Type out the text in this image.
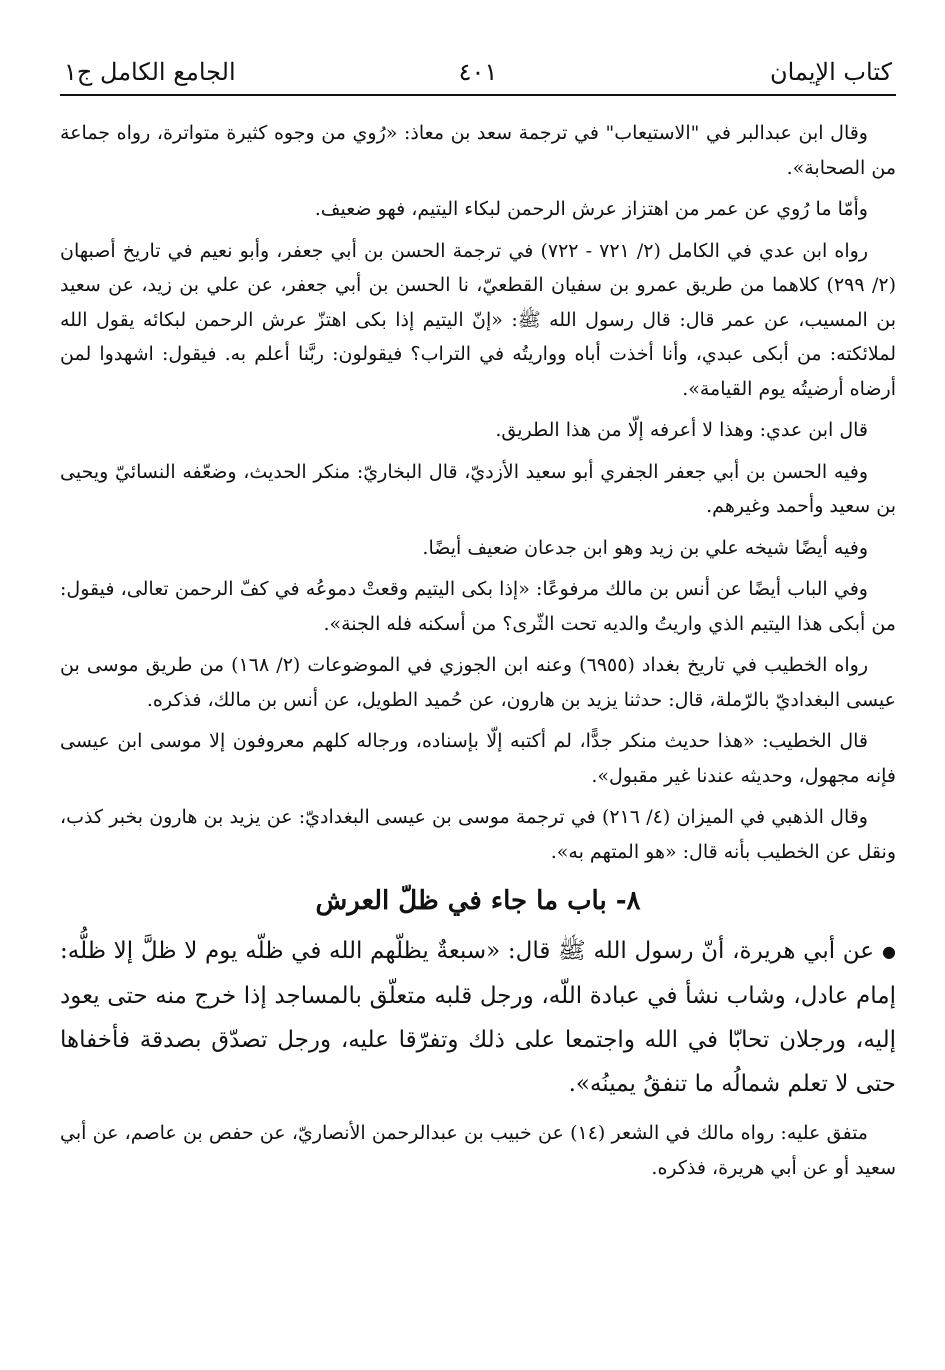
كتاب الإيمان
٤٠١
الجامع الكامل ج١

وقال ابن عبدالبر في "الاستيعاب" في ترجمة سعد بن معاذ: «رُوي من وجوه كثيرة متواترة، رواه جماعة من الصحابة».

وأمّا ما رُوي عن عمر من اهتزاز عرش الرحمن لبكاء اليتيم، فهو ضعيف.

رواه ابن عدي في الكامل (٢/ ٧٢١ - ٧٢٢) في ترجمة الحسن بن أبي جعفر، وأبو نعيم في تاريخ أصبهان (٢/ ٢٩٩) كلاهما من طريق عمرو بن سفيان القطعيّ، نا الحسن بن أبي جعفر، عن علي بن زيد، عن سعيد بن المسيب، عن عمر قال: قال رسول الله ﷺ: «إنّ اليتيم إذا بكى اهتزّ عرش الرحمن لبكائه يقول الله لملائكته: من أبكى عبدي، وأنا أخذت أباه وواريتُه في التراب؟ فيقولون: ربَّنا أعلم به. فيقول: اشهدوا لمن أرضاه أرضيتُه يوم القيامة».

قال ابن عدي: وهذا لا أعرفه إلّا من هذا الطريق.

وفيه الحسن بن أبي جعفر الجفري أبو سعيد الأزديّ، قال البخاريّ: منكر الحديث، وضعّفه النسائيّ ويحيى بن سعيد وأحمد وغيرهم.

وفيه أيضًا شيخه علي بن زيد وهو ابن جدعان ضعيف أيضًا.

وفي الباب أيضًا عن أنس بن مالك مرفوعًا: «إذا بكى اليتيم وقعتْ دموعُه في كفّ الرحمن تعالى، فيقول: من أبكى هذا اليتيم الذي واريتُ والديه تحت الثّرى؟ من أسكنه فله الجنة».

رواه الخطيب في تاريخ بغداد (٦٩٥٥) وعنه ابن الجوزي في الموضوعات (٢/ ١٦٨) من طريق موسى بن عيسى البغداديّ بالرّملة، قال: حدثنا يزيد بن هارون، عن حُميد الطويل، عن أنس بن مالك، فذكره.

قال الخطيب: «هذا حديث منكر جدًّا، لم أكتبه إلّا بإسناده، ورجاله كلهم معروفون إلا موسى ابن عيسى فإنه مجهول، وحديثه عندنا غير مقبول».

وقال الذهبي في الميزان (٤/ ٢١٦) في ترجمة موسى بن عيسى البغداديّ: عن يزيد بن هارون بخبر كذب، ونقل عن الخطيب بأنه قال: «هو المتهم به».

٨- باب ما جاء في ظلّ العرش

●عن أبي هريرة، أنّ رسول الله ﷺ قال: «سبعةٌ يظلّهم الله في ظلّه يوم لا ظلَّ إلا ظلُّه: إمام عادل، وشاب نشأ في عبادة اللّه، ورجل قلبه متعلّق بالمساجد إذا خرج منه حتى يعود إليه، ورجلان تحابّا في الله واجتمعا على ذلك وتفرّقا عليه، ورجل تصدّق بصدقة فأخفاها حتى لا تعلم شمالُه ما تنفقُ يمينُه».

متفق عليه: رواه مالك في الشعر (١٤) عن خبيب بن عبدالرحمن الأنصاريّ، عن حفص بن عاصم، عن أبي سعيد أو عن أبي هريرة، فذكره.
